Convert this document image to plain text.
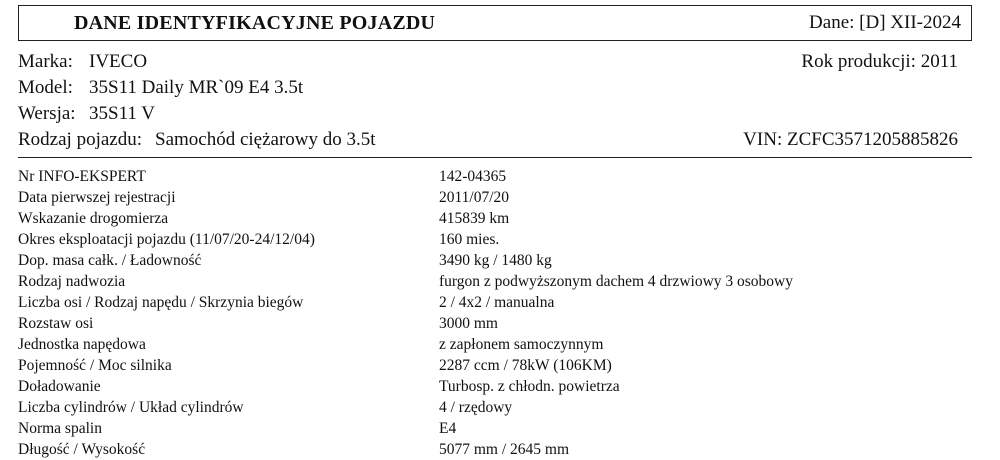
DANE IDENTYFIKACYJNE POJAZDU	Dane: [D] XII-2024
Marka: IVECO	Rok produkcji: 2011
Model: 35S11 Daily MR`09 E4 3.5t
Wersja: 35S11 V
Rodzaj pojazdu: Samochód ciężarowy do 3.5t	VIN: ZCFC3571205885826
Nr INFO-EKSPERT	142-04365
Data pierwszej rejestracji	2011/07/20
Wskazanie drogomierza	415839 km
Okres eksploatacji pojazdu (11/07/20-24/12/04)	160 mies.
Dop. masa całk. / Ładowność	3490 kg / 1480 kg
Rodzaj nadwozia	furgon z podwyższonym dachem 4 drzwiowy 3 osobowy
Liczba osi / Rodzaj napędu / Skrzynia biegów	2 / 4x2 / manualna
Rozstaw osi	3000 mm
Jednostka napędowa	z zapłonem samoczynnym
Pojemność / Moc silnika	2287 ccm / 78kW (106KM)
Doładowanie	Turbosp. z chłodn. powietrza
Liczba cylindrów / Układ cylindrów	4 / rzędowy
Norma spalin	E4
Długość / Wysokość	5077 mm / 2645 mm
